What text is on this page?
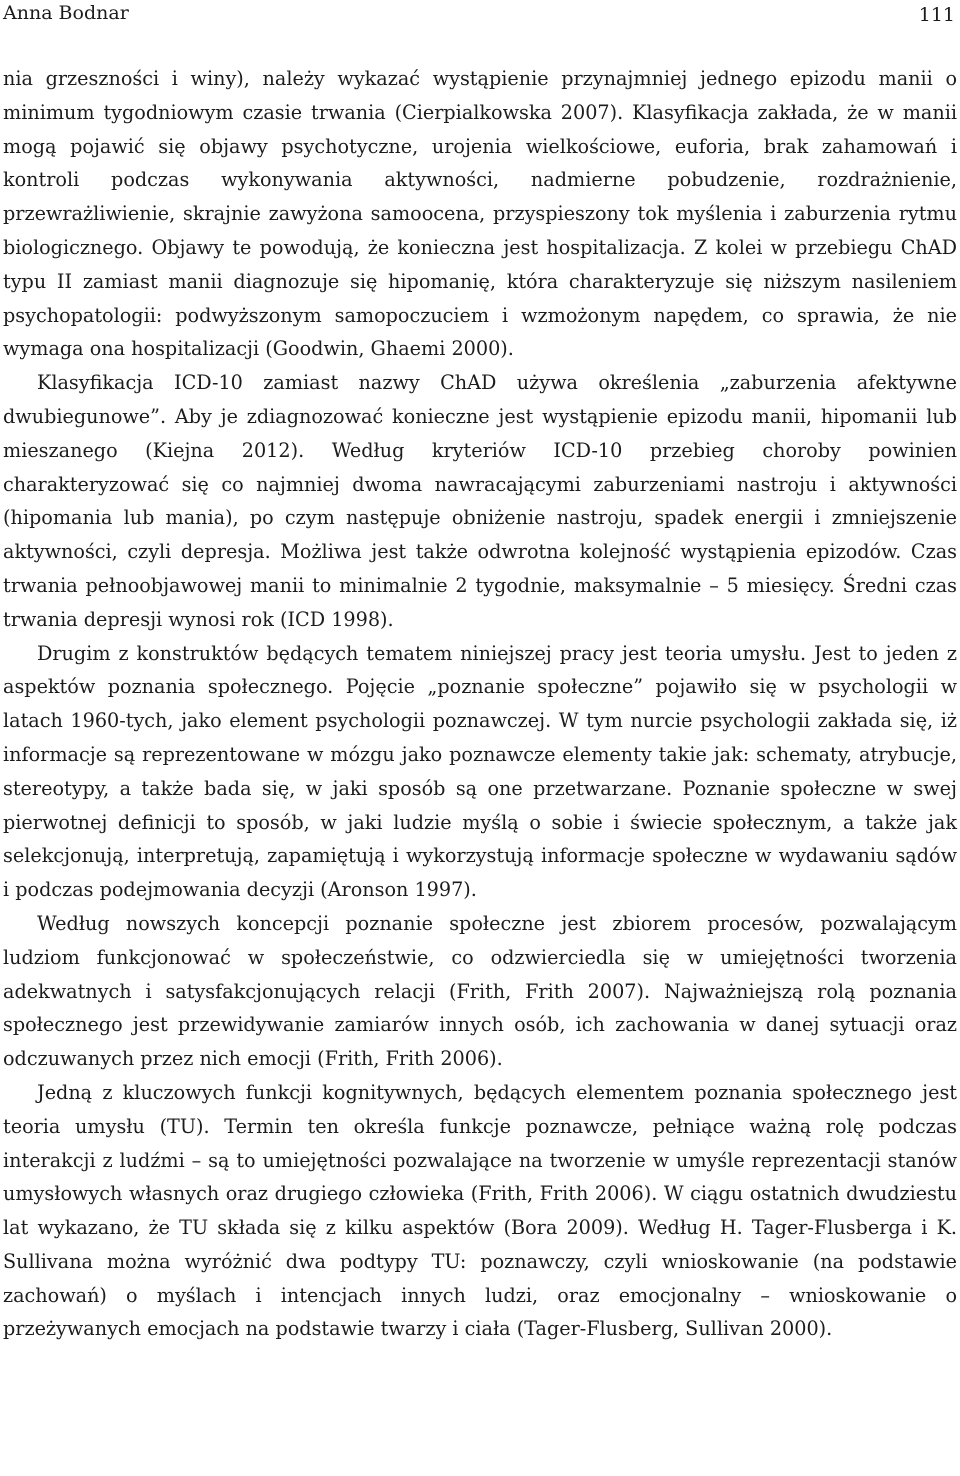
Anna Bodnar	111

nia grzeszności i winy), należy wykazać wystąpienie przynajmniej jednego epizodu manii o minimum tygodniowym czasie trwania (Cierpialkowska 2007). Klasyfikacja zakłada, że w manii mogą pojawić się objawy psychotyczne, urojenia wielkościowe, euforia, brak zahamowań i kontroli podczas wykonywania aktywności, nadmierne pobudzenie, rozdrażnienie, przewrażliwienie, skrajnie zawyżona samoocena, przyspieszony tok myślenia i zaburzenia rytmu biologicznego. Objawy te powodują, że konieczna jest hospitalizacja. Z kolei w przebiegu ChAD typu II zamiast manii diagnozuje się hipomanię, która charakteryzuje się niższym nasileniem psychopatologii: podwyższonym samopoczuciem i wzmożonym napędem, co sprawia, że nie wymaga ona hospitalizacji (Goodwin, Ghaemi 2000).

Klasyfikacja ICD-10 zamiast nazwy ChAD używa określenia „zaburzenia afektywne dwubiegunowe”. Aby je zdiagnozować konieczne jest wystąpienie epizodu manii, hipomanii lub mieszanego (Kiejna 2012). Według kryteriów ICD-10 przebieg choroby powinien charakteryzować się co najmniej dwoma nawracającymi zaburzeniami nastroju i aktywności (hipomania lub mania), po czym następuje obniżenie nastroju, spadek energii i zmniejszenie aktywności, czyli depresja. Możliwa jest także odwrotna kolejność wystąpienia epizodów. Czas trwania pełnoobjawowej manii to minimalnie 2 tygodnie, maksymalnie – 5 miesięcy. Średni czas trwania depresji wynosi rok (ICD 1998).

Drugim z konstruktów będących tematem niniejszej pracy jest teoria umysłu. Jest to jeden z aspektów poznania społecznego. Pojęcie „poznanie społeczne” pojawiło się w psychologii w latach 1960-tych, jako element psychologii poznawczej. W tym nurcie psychologii zakłada się, iż informacje są reprezentowane w mózgu jako poznawcze elementy takie jak: schematy, atrybucje, stereotypy, a także bada się, w jaki sposób są one przetwarzane. Poznanie społeczne w swej pierwotnej definicji to sposób, w jaki ludzie myślą o sobie i świecie społecznym, a także jak selekcjonują, interpretują, zapamiętują i wykorzystują informacje społeczne w wydawaniu sądów i podczas podejmowania decyzji (Aronson 1997).

Według nowszych koncepcji poznanie społeczne jest zbiorem procesów, pozwalającym ludziom funkcjonować w społeczeństwie, co odzwierciedla się w umiejętności tworzenia adekwatnych i satysfakcjonujących relacji (Frith, Frith 2007). Najważniejszą rolą poznania społecznego jest przewidywanie zamiarów innych osób, ich zachowania w danej sytuacji oraz odczuwanych przez nich emocji (Frith, Frith 2006).

Jedną z kluczowych funkcji kognitywnych, będących elementem poznania społecznego jest teoria umysłu (TU). Termin ten określa funkcje poznawcze, pełniące ważną rolę podczas interakcji z ludźmi – są to umiejętności pozwalające na tworzenie w umyśle reprezentacji stanów umysłowych własnych oraz drugiego człowieka (Frith, Frith 2006). W ciągu ostatnich dwudziestu lat wykazano, że TU składa się z kilku aspektów (Bora 2009). Według H. Tager-Flusberga i K. Sullivana można wyróżnić dwa podtypy TU: poznawczy, czyli wnioskowanie (na podstawie zachowań) o myślach i intencjach innych ludzi, oraz emocjonalny – wnioskowanie o przeżywanych emocjach na podstawie twarzy i ciała (Tager-Flusberg, Sullivan 2000).
